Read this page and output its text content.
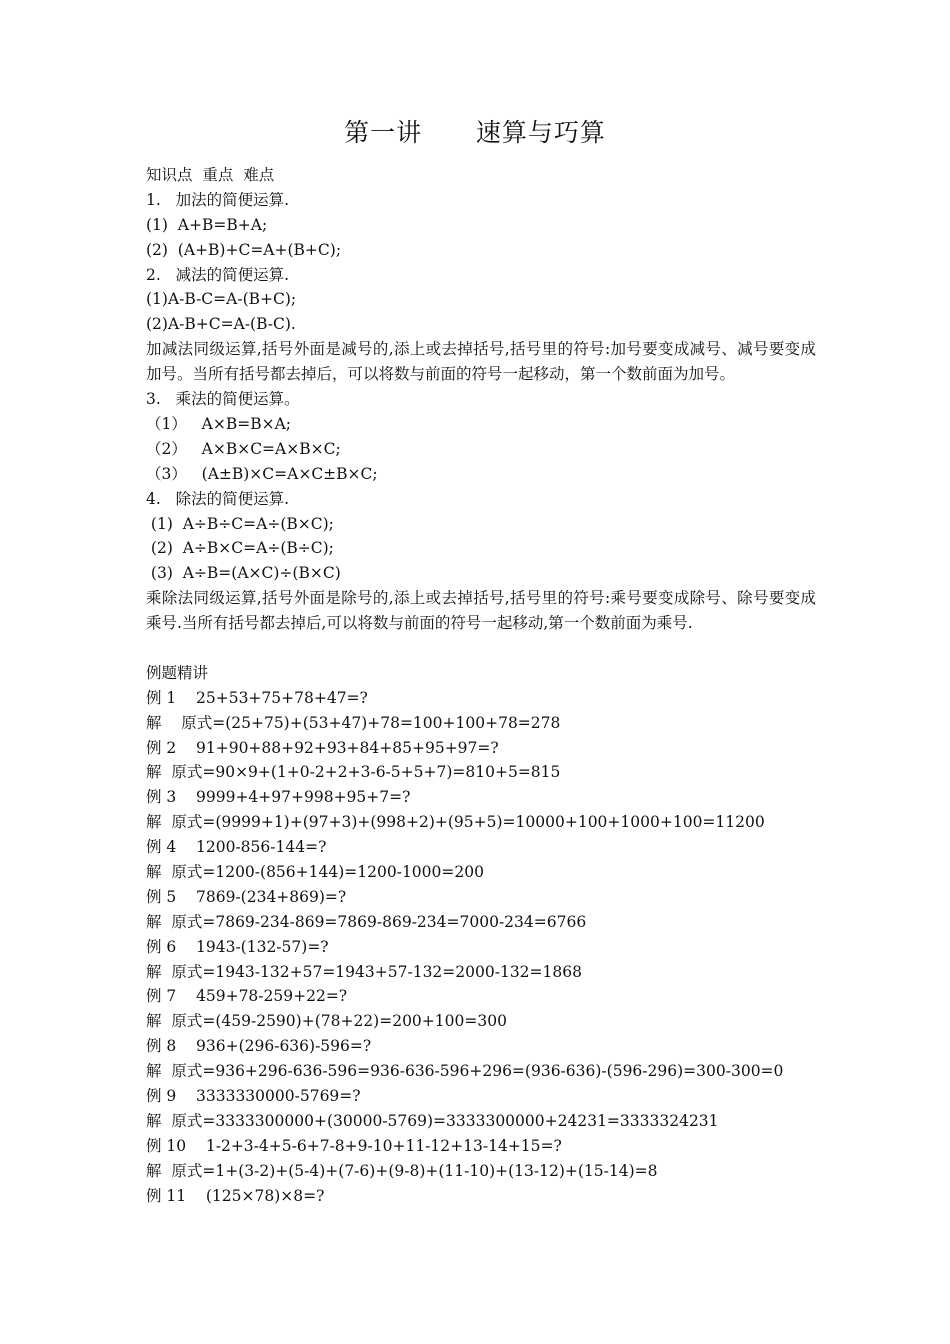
第一讲      速算与巧算
知识点  重点  难点
1.   加法的简便运算.
(1)  A+B=B+A;
(2)  (A+B)+C=A+(B+C);
2.   减法的简便运算.
(1)A-B-C=A-(B+C);
(2)A-B+C=A-(B-C).
加减法同级运算,括号外面是减号的,添上或去掉括号,括号里的符号:加号要变成减号、减号要变成加号。当所有括号都去掉后，可以将数与前面的符号一起移动，第一个数前面为加号。
3.   乘法的简便运算。
（1）   A×B=B×A;
（2）   A×B×C=A×B×C;
（3）   (A±B)×C=A×C±B×C;
4.   除法的简便运算.
(1)  A÷B÷C=A÷(B×C);
(2)  A÷B×C=A÷(B÷C);
(3)  A÷B=(A×C)÷(B×C)
乘除法同级运算,括号外面是除号的,添上或去掉括号,括号里的符号:乘号要变成除号、除号要变成乘号.当所有括号都去掉后,可以将数与前面的符号一起移动,第一个数前面为乘号.
例题精讲
例 1    25+53+75+78+47=?
解    原式=(25+75)+(53+47)+78=100+100+78=278
例 2    91+90+88+92+93+84+85+95+97=?
解  原式=90×9+(1+0-2+2+3-6-5+5+7)=810+5=815
例 3    9999+4+97+998+95+7=?
解  原式=(9999+1)+(97+3)+(998+2)+(95+5)=10000+100+1000+100=11200
例 4    1200-856-144=?
解  原式=1200-(856+144)=1200-1000=200
例 5    7869-(234+869)=?
解  原式=7869-234-869=7869-869-234=7000-234=6766
例 6    1943-(132-57)=?
解  原式=1943-132+57=1943+57-132=2000-132=1868
例 7    459+78-259+22=?
解  原式=(459-2590)+(78+22)=200+100=300
例 8    936+(296-636)-596=?
解  原式=936+296-636-596=936-636-596+296=(936-636)-(596-296)=300-300=0
例 9    3333330000-5769=?
解  原式=3333300000+(30000-5769)=3333300000+24231=3333324231
例 10    1-2+3-4+5-6+7-8+9-10+11-12+13-14+15=?
解  原式=1+(3-2)+(5-4)+(7-6)+(9-8)+(11-10)+(13-12)+(15-14)=8
例 11    (125×78)×8=?
